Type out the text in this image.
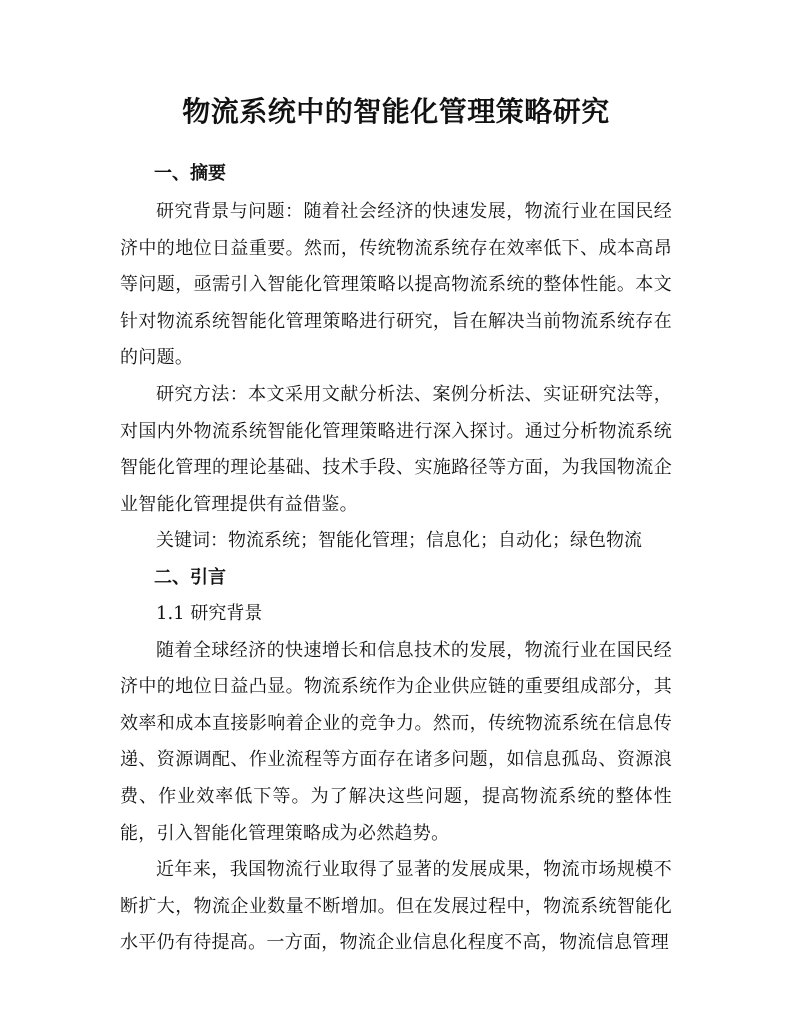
物流系统中的智能化管理策略研究
一、摘要

研究背景与问题：随着社会经济的快速发展，物流行业在国民经济中的地位日益重要。然而，传统物流系统存在效率低下、成本高昂等问题，亟需引入智能化管理策略以提高物流系统的整体性能。本文针对物流系统智能化管理策略进行研究，旨在解决当前物流系统存在的问题。

研究方法：本文采用文献分析法、案例分析法、实证研究法等，对国内外物流系统智能化管理策略进行深入探讨。通过分析物流系统智能化管理的理论基础、技术手段、实施路径等方面，为我国物流企业智能化管理提供有益借鉴。

关键词：物流系统；智能化管理；信息化；自动化；绿色物流

二、引言

1.1 研究背景

随着全球经济的快速增长和信息技术的发展，物流行业在国民经济中的地位日益凸显。物流系统作为企业供应链的重要组成部分，其效率和成本直接影响着企业的竞争力。然而，传统物流系统在信息传递、资源调配、作业流程等方面存在诸多问题，如信息孤岛、资源浪费、作业效率低下等。为了解决这些问题，提高物流系统的整体性能，引入智能化管理策略成为必然趋势。

近年来，我国物流行业取得了显著的发展成果，物流市场规模不断扩大，物流企业数量不断增加。但在发展过程中，物流系统智能化水平仍有待提高。一方面，物流企业信息化程度不高，物流信息管理
